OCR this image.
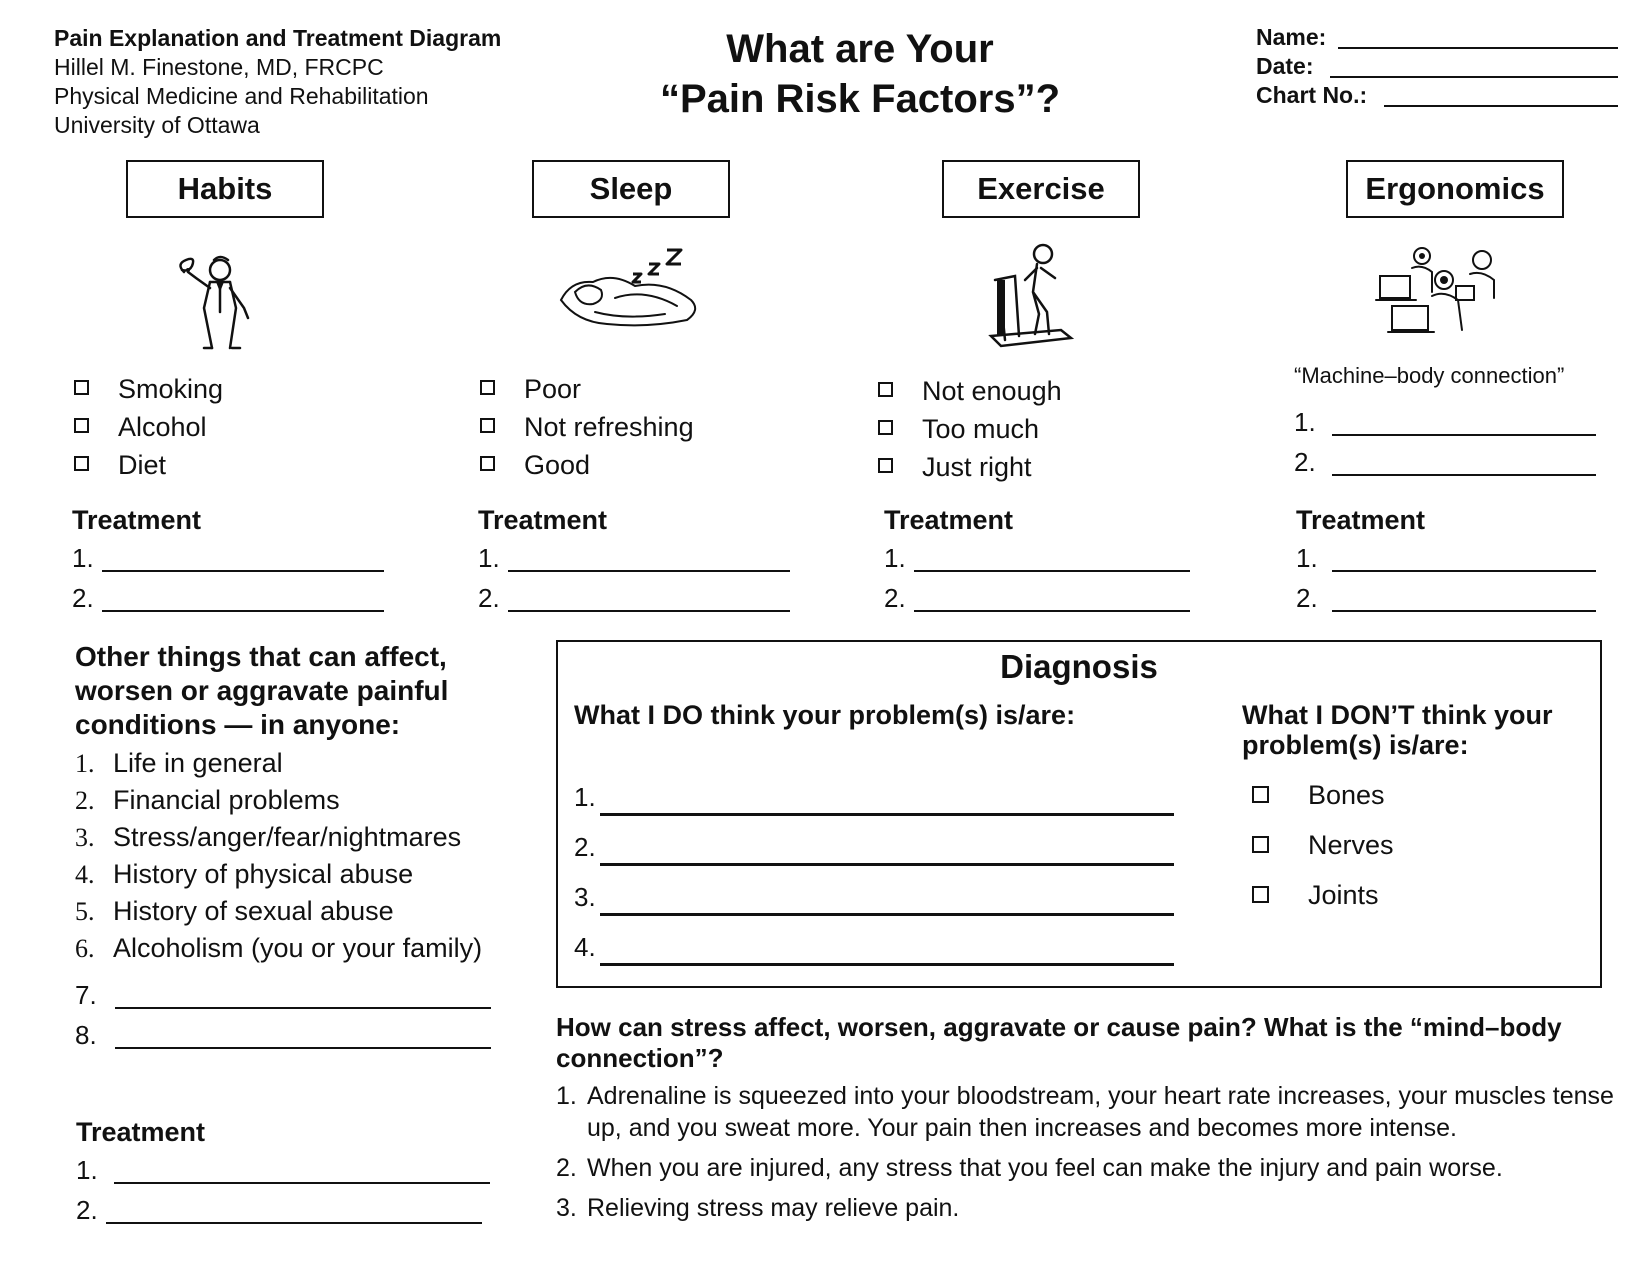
Pain Explanation and Treatment Diagram
Hillel M. Finestone, MD, FRCPC
Physical Medicine and Rehabilitation
University of Ottawa
What are Your
“Pain Risk Factors”?
Name:
Date:
Chart No.:
Habits	Sleep	Exercise	Ergonomics
Smoking
Alcohol
Diet
Treatment
1.
2.
Poor
Not refreshing
Good
Treatment
1.
2.
Not enough
Too much
Just right
Treatment
1.
2.
“Machine–body connection”
1.
2.
Treatment
1.
2.
Other things that can affect, worsen or aggravate painful conditions — in anyone:
1. Life in general
2. Financial problems
3. Stress/anger/fear/nightmares
4. History of physical abuse
5. History of sexual abuse
6. Alcoholism (you or your family)
7.
8.
Treatment
1.
2.
Diagnosis
What I DO think your problem(s) is/are:
1.
2.
3.
4.
What I DON’T think your problem(s) is/are:
Bones
Nerves
Joints
How can stress affect, worsen, aggravate or cause pain? What is the “mind–body connection”?
1. Adrenaline is squeezed into your bloodstream, your heart rate increases, your muscles tense up, and you sweat more. Your pain then increases and becomes more intense.
2. When you are injured, any stress that you feel can make the injury and pain worse.
3. Relieving stress may relieve pain.
